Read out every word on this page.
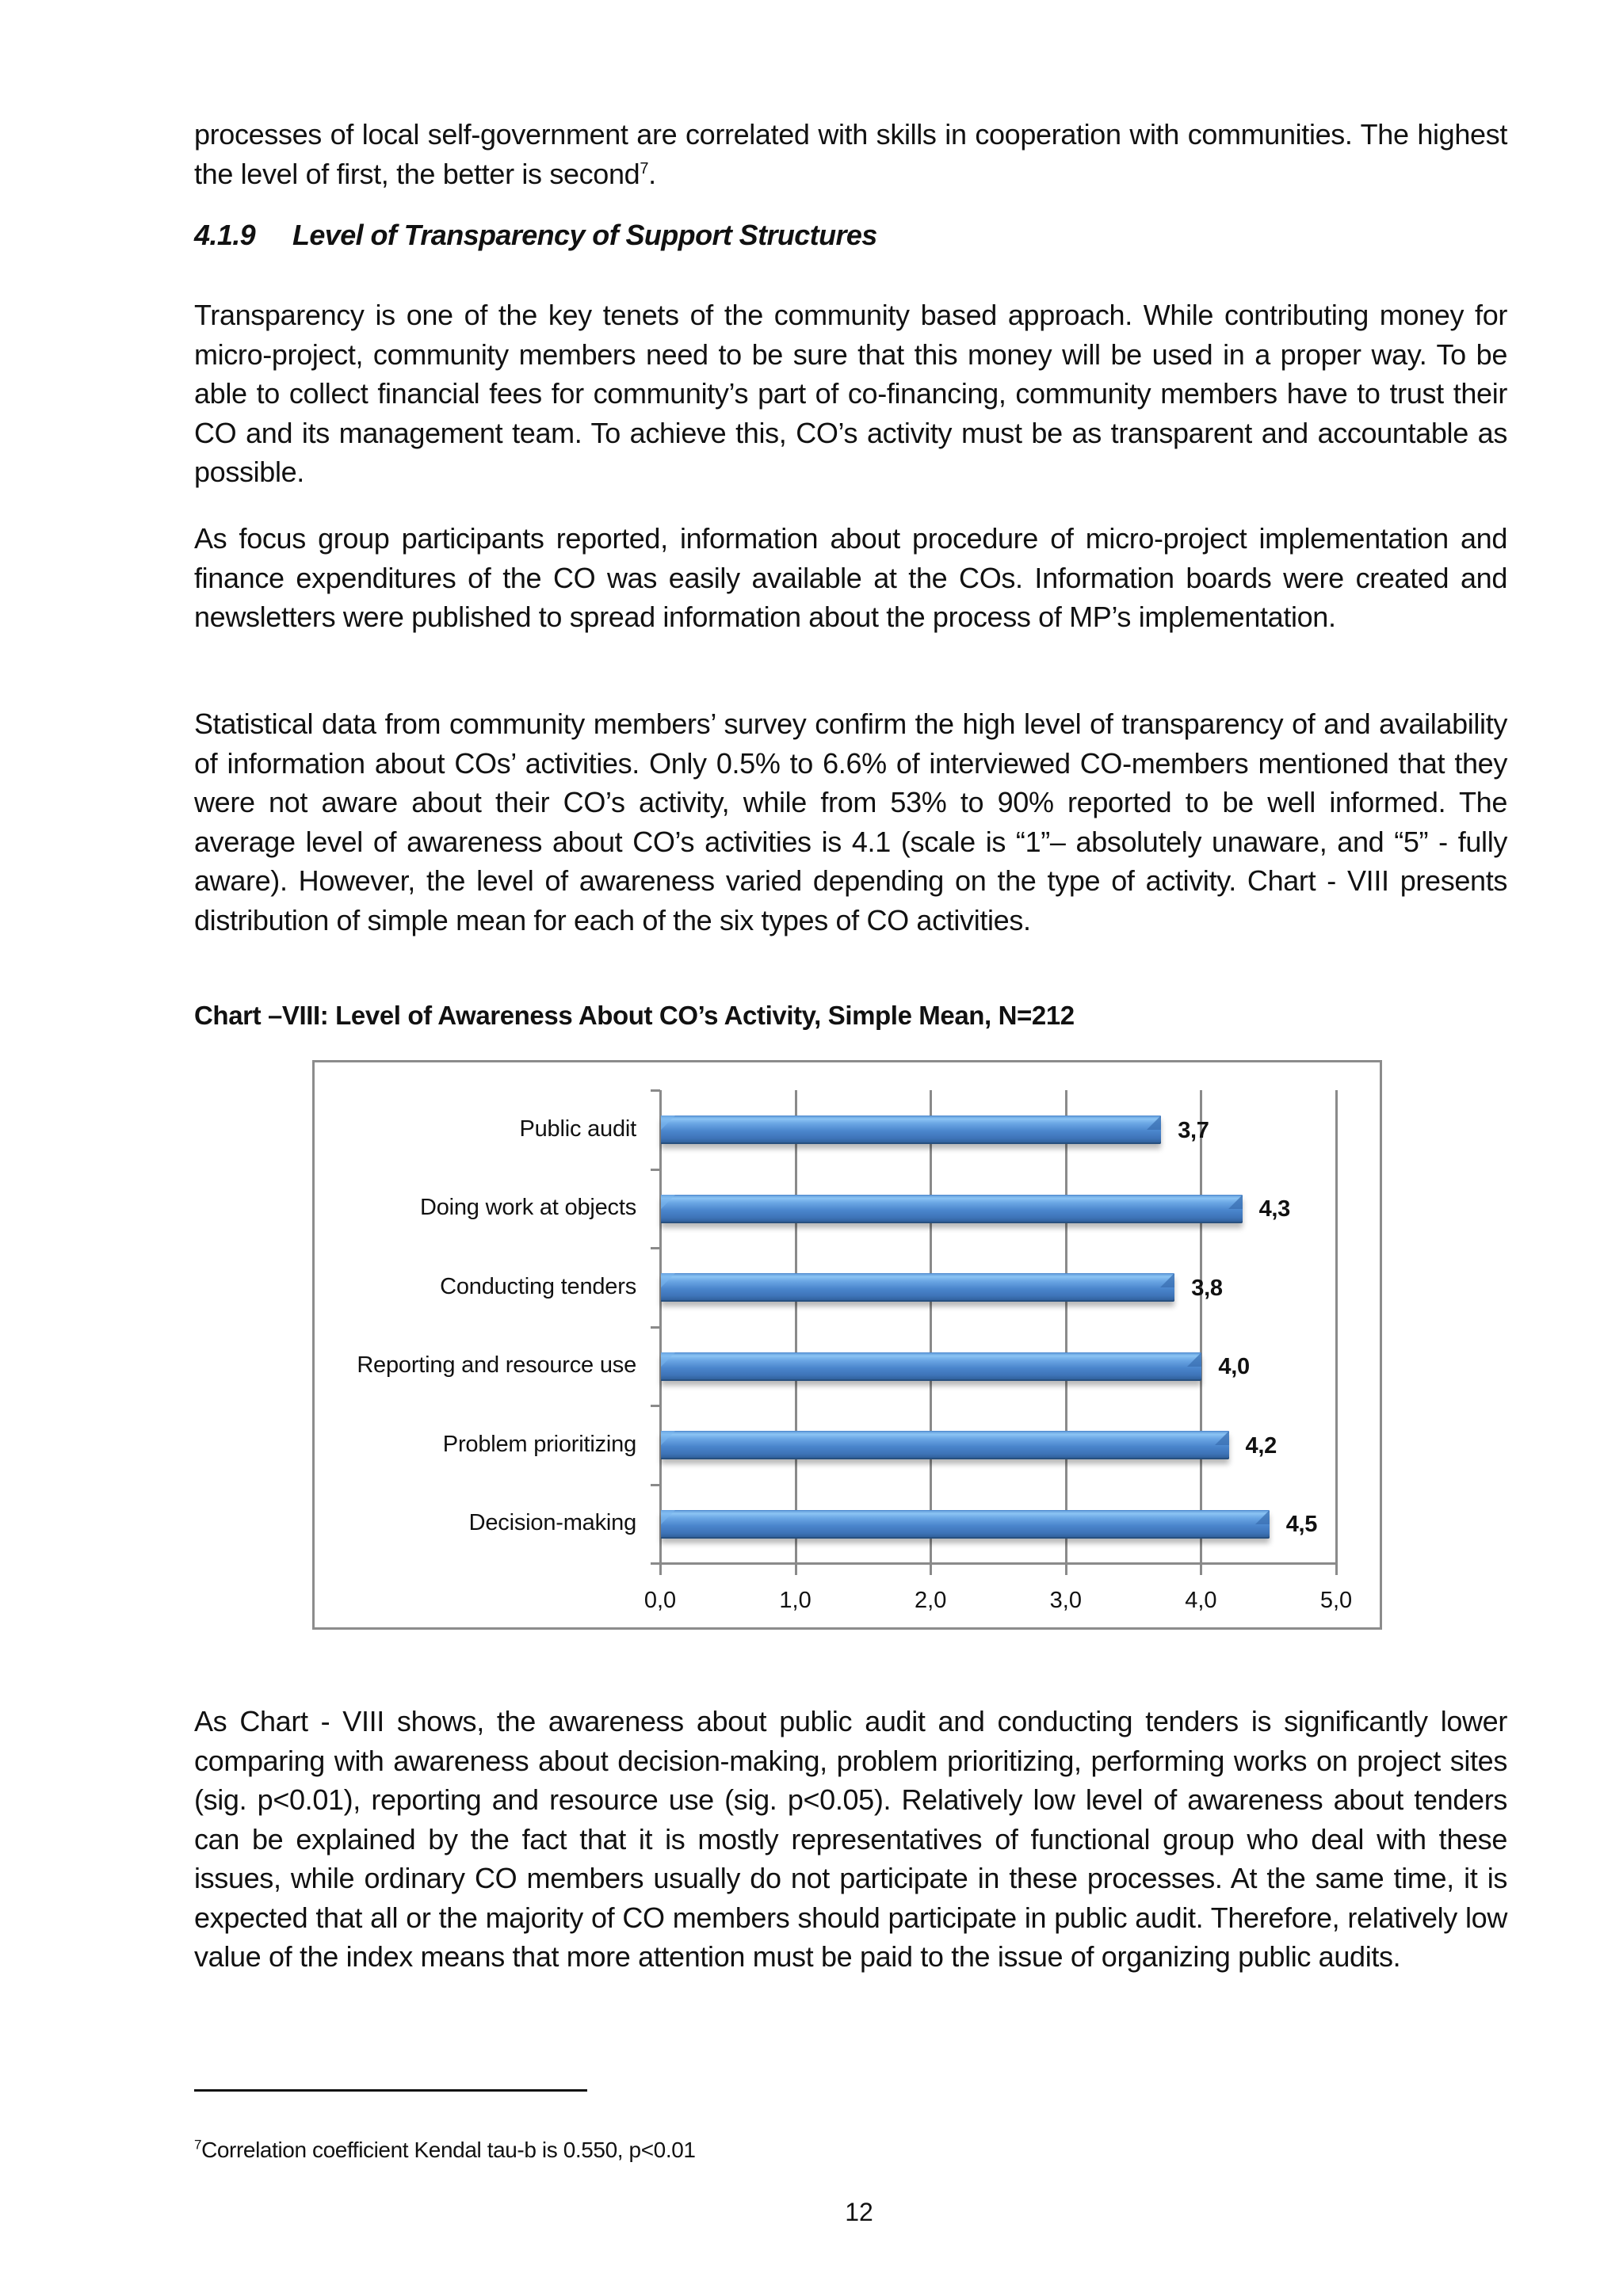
processes of local self-government are correlated with skills in cooperation with communities. The highest the level of first, the better is second$^7$.

4.1.9 Level of Transparency of Support Structures

Transparency is one of the key tenets of the community based approach. While contributing money for micro-project, community members need to be sure that this money will be used in a proper way. To be able to collect financial fees for community’s part of co-financing, community members have to trust their CO and its management team. To achieve this, CO’s activity must be as transparent and accountable as possible.

As focus group participants reported, information about procedure of micro-project implementation and finance expenditures of the CO was easily available at the COs. Information boards were created and newsletters were published to spread information about the process of MP’s implementation.

Statistical data from community members’ survey confirm the high level of transparency of and availability of information about COs’ activities. Only 0.5% to 6.6% of interviewed CO-members mentioned that they were not aware about their CO’s activity, while from 53% to 90% reported to be well informed. The average level of awareness about CO’s activities is 4.1 (scale is “1”– absolutely unaware, and “5” - fully aware). However, the level of awareness varied depending on the type of activity. Chart - VIII presents distribution of simple mean for each of the six types of CO activities.

Chart –VIII: Level of Awareness About CO’s Activity, Simple Mean, N=212

0,0	1,0	2,0	3,0	4,0	5,0
Public audit	3,7
Doing work at objects	4,3
Conducting tenders	3,8
Reporting and resource use	4,0
Problem prioritizing	4,2
Decision-making	4,5

As Chart - VIII shows, the awareness about public audit and conducting tenders is significantly lower comparing with awareness about decision-making, problem prioritizing, performing works on project sites (sig. p<0.01), reporting and resource use (sig. p<0.05). Relatively low level of awareness about tenders can be explained by the fact that it is mostly representatives of functional group who deal with these issues, while ordinary CO members usually do not participate in these processes. At the same time, it is expected that all or the majority of CO members should participate in public audit. Therefore, relatively low value of the index means that more attention must be paid to the issue of organizing public audits.

$^7$Correlation coefficient Kendal tau-b is 0.550, p<0.01
12
